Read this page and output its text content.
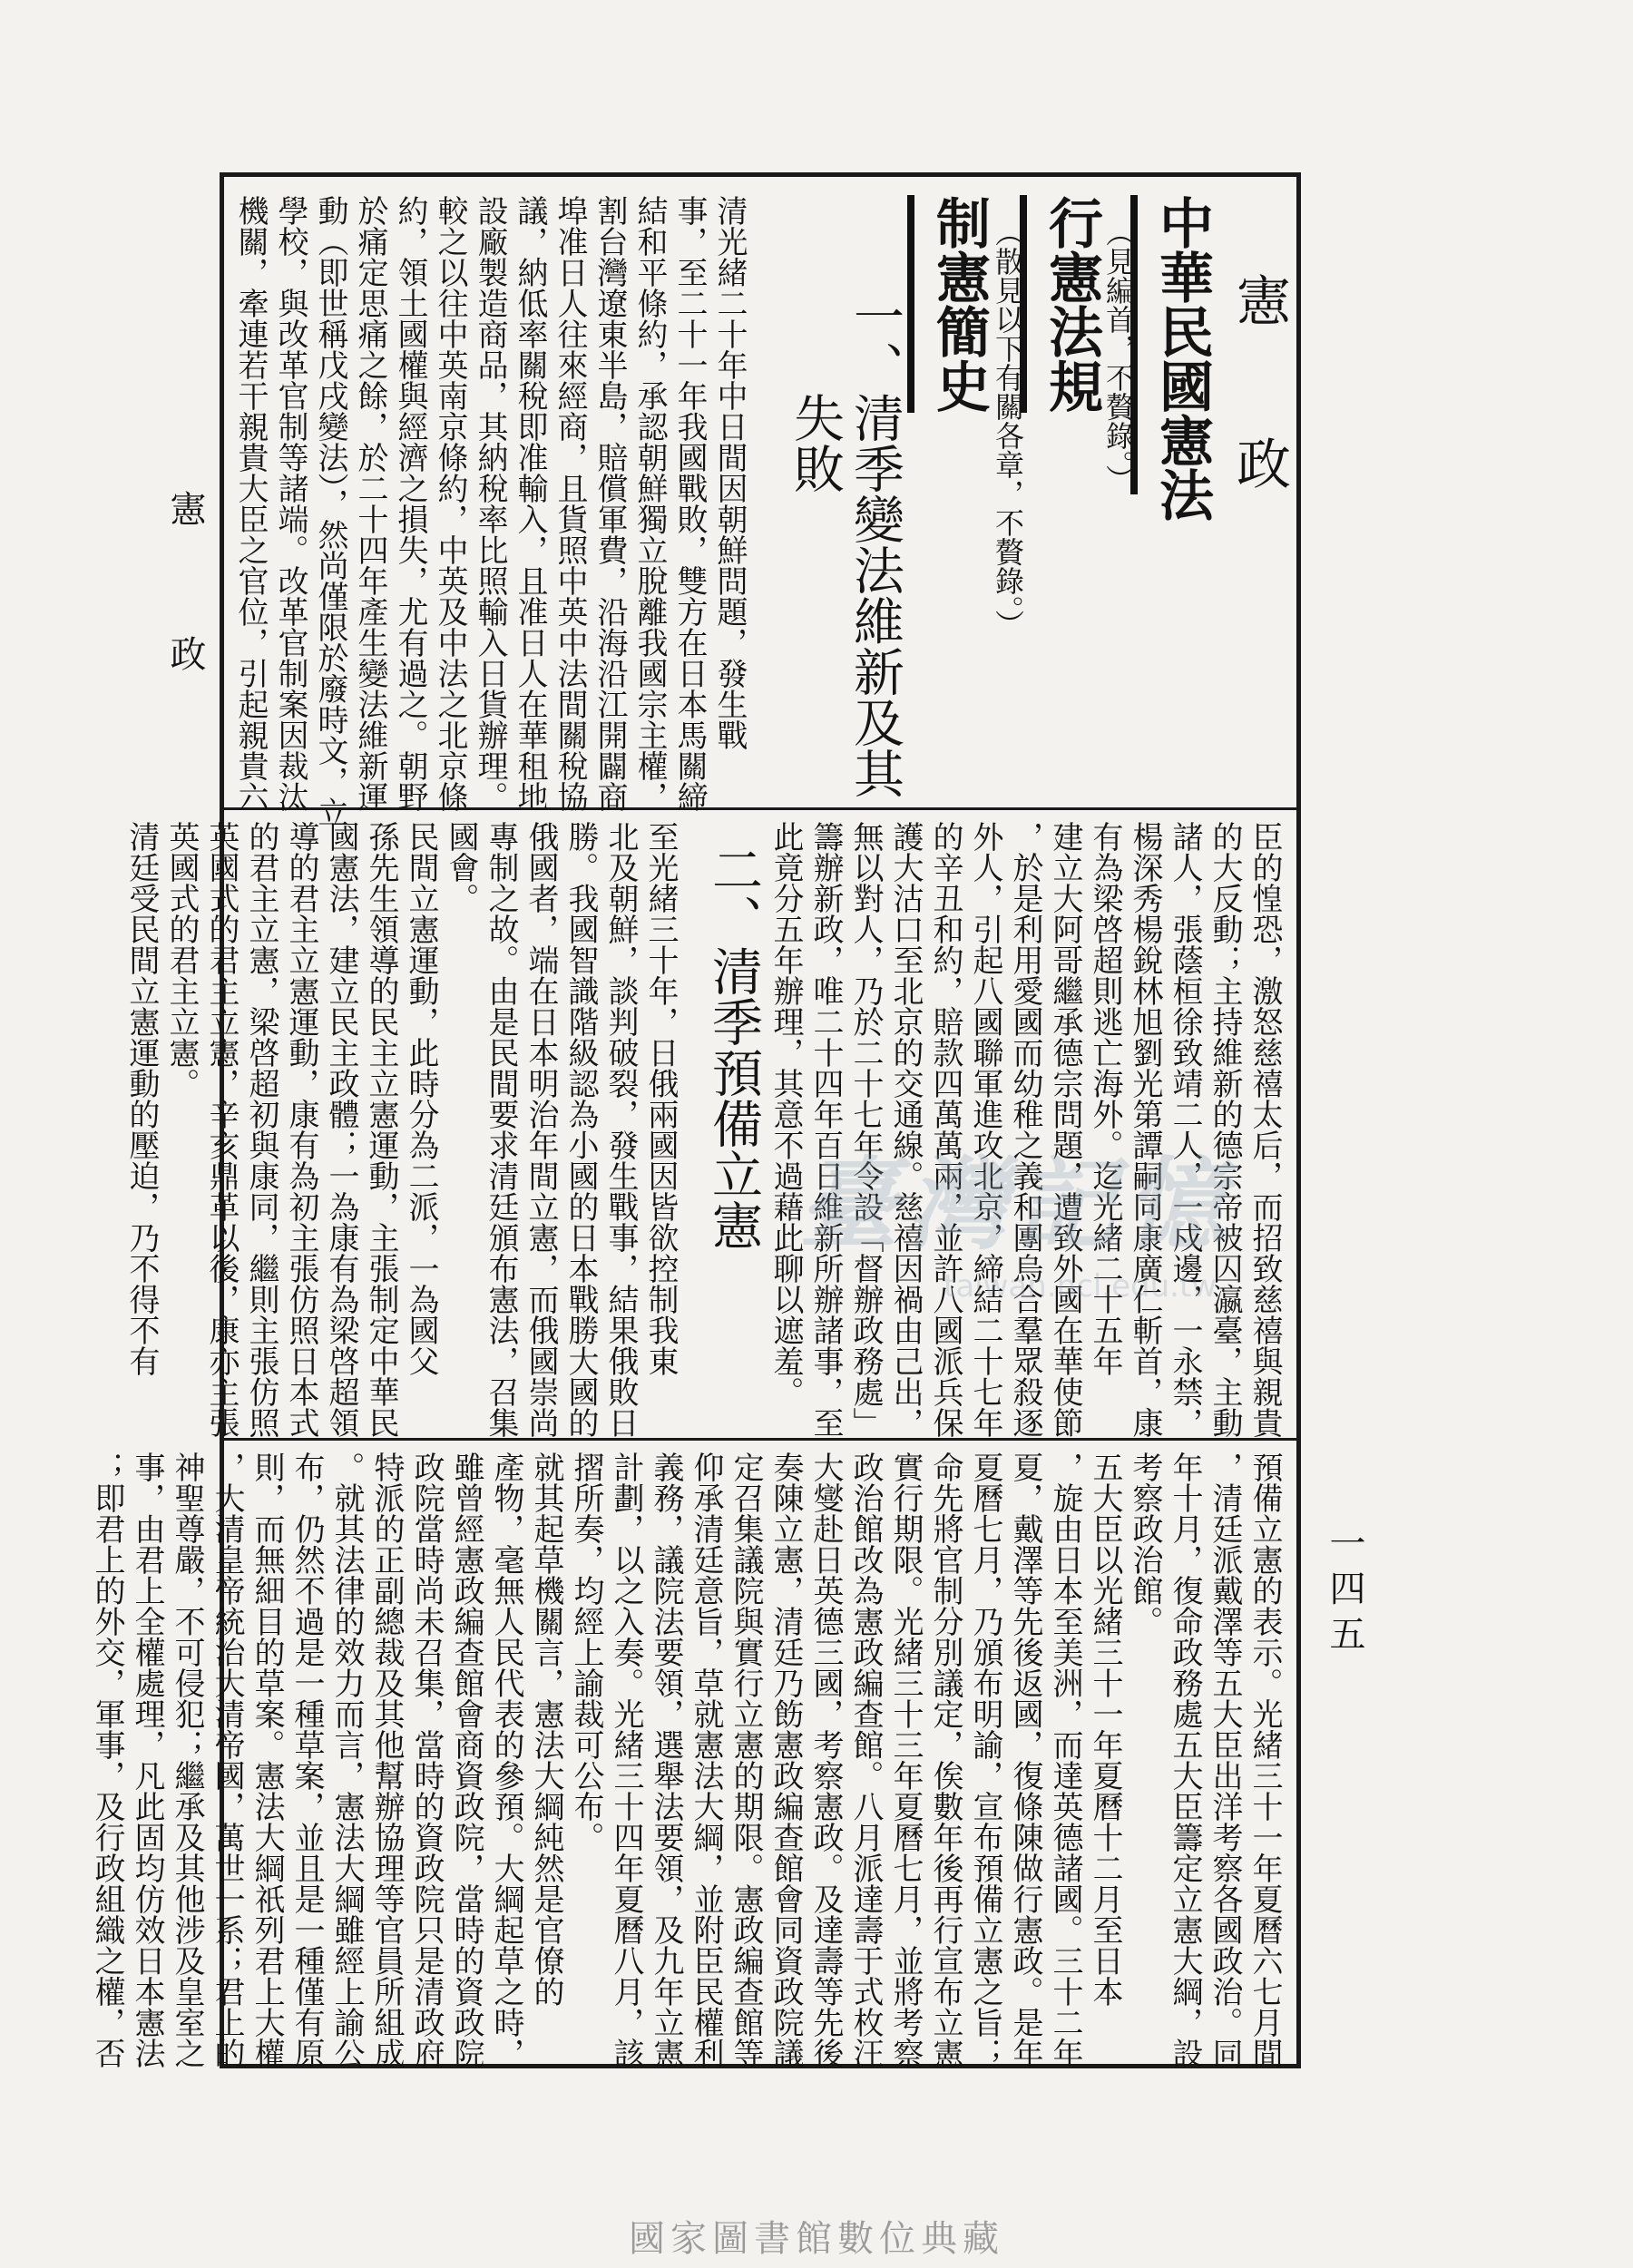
憲　政
一四五
憲　　政
中華民國憲法
（見編首，不贅錄。）
行憲法規
（散見以下有關各章，不贅錄。）
制憲簡史
一、清季變法維新及其
　　失敗
清光緒二十年中日間因朝鮮問題，發生戰
事，至二十一年我國戰敗，雙方在日本馬關締
結和平條約，承認朝鮮獨立脫離我國宗主權，
割台灣遼東半島，賠償軍費，沿海沿江開闢商
埠准日人往來經商，且貨照中英中法間關稅協
議，納低率關稅即准輸入，且准日人在華租地
設廠製造商品，其納稅率比照輸入日貨辦理。
較之以往中英南京條約，中英及中法之北京條
約，領土國權與經濟之損失，尤有過之。朝野
於痛定思痛之餘，於二十四年產生變法維新運
動（即世稱戊戌變法），然尚僅限於廢時文，立
學校，與改革官制等諸端。改革官制案因裁汰
機關，牽連若干親貴大臣之官位，引起親貴六
臣的惶恐，激怒慈禧太后，而招致慈禧與親貴
的大反動；主持維新的德宗帝被囚瀛臺，主動
諸人，張蔭桓徐致靖二人，一戍邊，一永禁，
楊深秀楊銳林旭劉光第譚嗣同康廣仁斬首，康
有為梁啓超則逃亡海外。迄光緒二十五年
建立大阿哥繼承德宗問題，遭致外國在華使節
，於是利用愛國而幼稚之義和團烏合羣眾殺逐
外人，引起八國聯軍進攻北京，締結二十七年
的辛丑和約，賠款四萬萬兩，並許八國派兵保
護大沽口至北京的交通線。慈禧因禍由己出，
無以對人，乃於二十七年令設「督辦政務處」
籌辦新政，唯二十四年百日維新所辦諸事，至
此竟分五年辦理，其意不過藉此聊以遮羞。
二、清季預備立憲
至光緒三十年，日俄兩國因皆欲控制我東
北及朝鮮，談判破裂，發生戰事，結果俄敗日
勝。我國智識階級認為小國的日本戰勝大國的
俄國者，端在日本明治年間立憲，而俄國崇尚
專制之故。由是民間要求清廷頒布憲法，召集
國會。
民間立憲運動，此時分為二派，一為國父
孫先生領導的民主立憲運動，主張制定中華民
國憲法，建立民主政體；一為康有為梁啓超領
導的君主立憲運動，康有為初主張仿照日本式
的君主立憲，梁啓超初與康同，繼則主張仿照
英國式的君主立憲，辛亥鼎革以後，康亦主張
英國式的君主立憲。
清廷受民間立憲運動的壓迫，乃不得不有
預備立憲的表示。光緒三十一年夏曆六七月間
，清廷派戴澤等五大臣出洋考察各國政治。同
年十月，復命政務處五大臣籌定立憲大綱，設
考察政治館。
五大臣以光緒三十一年夏曆十二月至日本
，旋由日本至美洲，而達英德諸國。三十二年
夏，戴澤等先後返國，復條陳做行憲政。是年
夏曆七月，乃頒布明諭，宣布預備立憲之旨；
命先將官制分別議定，俟數年後再行宣布立憲
實行期限。光緒三十三年夏曆七月，並將考察
政治館改為憲政編查館。八月派達壽于式枚汪
大燮赴日英德三國，考察憲政。及達壽等先後
奏陳立憲，清廷乃飭憲政編查館會同資政院議
定召集議院與實行立憲的期限。憲政編查館等
仰承清廷意旨，草就憲法大綱，並附臣民權利
義務，議院法要領，選舉法要領，及九年立憲
計劃，以之入奏。光緒三十四年夏曆八月，該
摺所奏，均經上諭裁可公布。
就其起草機關言，憲法大綱純然是官僚的
產物，毫無人民代表的參預。大綱起草之時，
雖曾經憲政編查館會商資政院，當時的資政院
政院當時尚未召集，當時的資政院只是清政府
特派的正副總裁及其他幫辦協理等官員所組成
。就其法律的效力而言，憲法大綱雖經上諭公
布，仍然不過是一種草案，並且是一種僅有原
則，而無細目的草案。憲法大綱祇列君上大權
，大清皇帝統治大清帝國，萬世一系；君上的
神聖尊嚴，不可侵犯；繼承及其他涉及皇室之
事，由君上全權處理，凡此固均仿效日本憲法
；即君上的外交，軍事，及行政組織之權，否
臺灣記憶
taiwan.ncl.edu.tw
國家圖書館數位典藏
